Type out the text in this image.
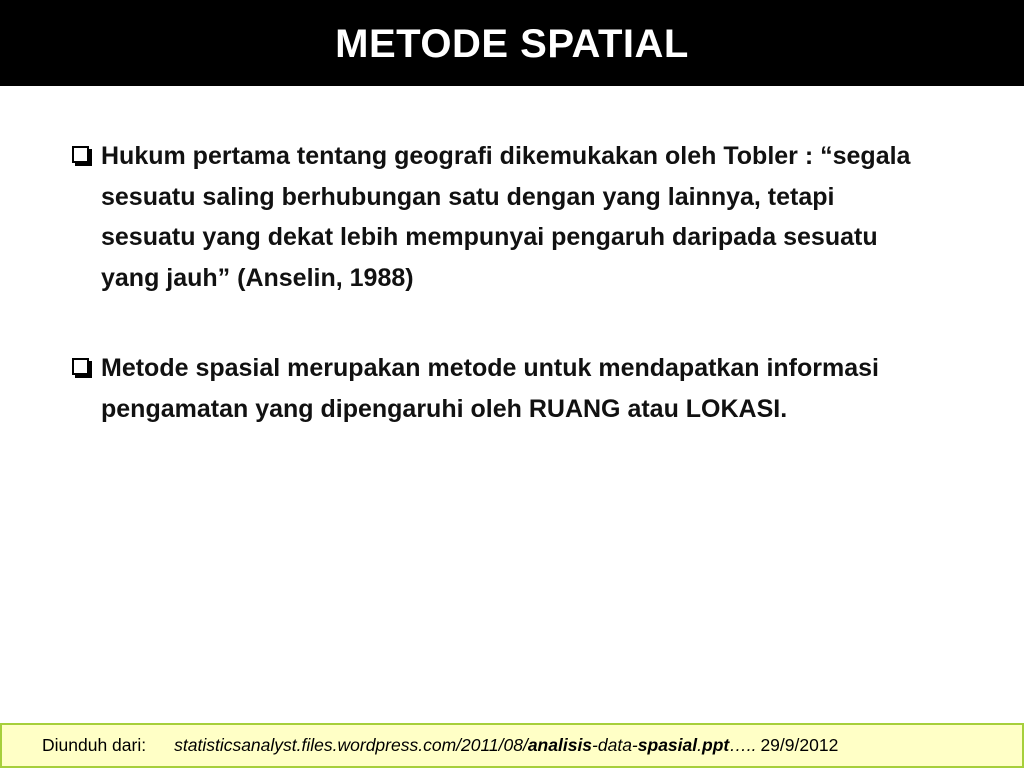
METODE SPATIAL
Hukum pertama tentang geografi dikemukakan oleh Tobler : “segala sesuatu saling berhubungan satu dengan yang lainnya, tetapi sesuatu yang dekat lebih mempunyai pengaruh daripada sesuatu yang jauh” (Anselin, 1988)
Metode spasial merupakan metode untuk mendapatkan informasi pengamatan yang dipengaruhi oleh RUANG atau LOKASI.
Diunduh dari: statisticsanalyst.files.wordpress.com/2011/08/analisis-data-spasial.ppt….. 29/9/2012
